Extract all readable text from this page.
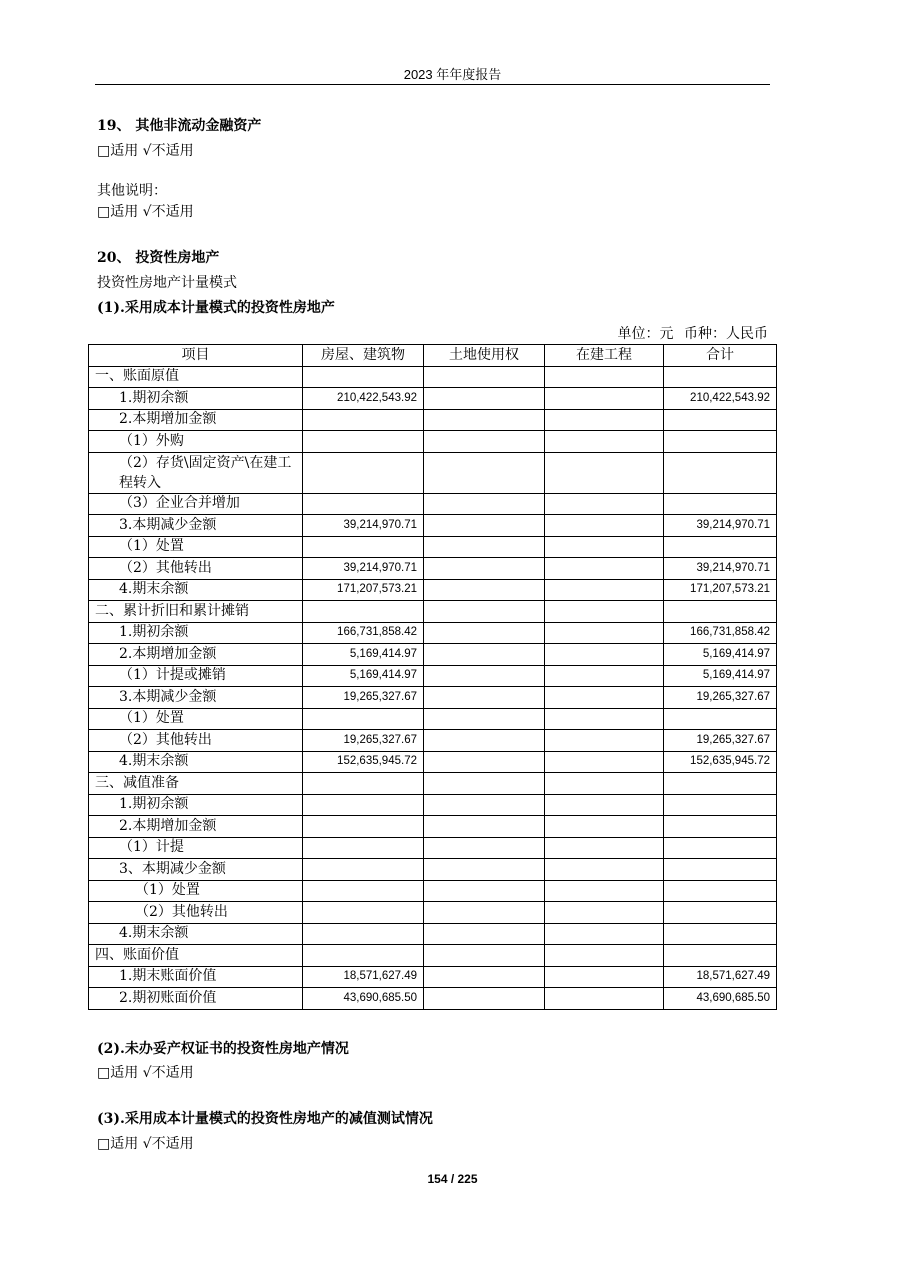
2023 年年度报告
19、 其他非流动金融资产
□适用 √不适用
其他说明：
□适用 √不适用
20、 投资性房地产
投资性房地产计量模式
(1).采用成本计量模式的投资性房地产
单位：元 币种：人民币
项目	房屋、建筑物	土地使用权	在建工程	合计
一、账面原值				
1.期初余额	210,422,543.92			210,422,543.92
2.本期增加金额				
（1）外购				
（2）存货\固定资产\在建工程转入				
（3）企业合并增加				
3.本期减少金额	39,214,970.71			39,214,970.71
（1）处置				
（2）其他转出	39,214,970.71			39,214,970.71
4.期末余额	171,207,573.21			171,207,573.21
二、累计折旧和累计摊销				
1.期初余额	166,731,858.42			166,731,858.42
2.本期增加金额	5,169,414.97			5,169,414.97
（1）计提或摊销	5,169,414.97			5,169,414.97
3.本期减少金额	19,265,327.67			19,265,327.67
（1）处置				
（2）其他转出	19,265,327.67			19,265,327.67
4.期末余额	152,635,945.72			152,635,945.72
三、减值准备				
1.期初余额				
2.本期增加金额				
（1）计提				
3、本期减少金额				
（1）处置				
（2）其他转出				
4.期末余额				
四、账面价值				
1.期末账面价值	18,571,627.49			18,571,627.49
2.期初账面价值	43,690,685.50			43,690,685.50
(2).未办妥产权证书的投资性房地产情况
□适用 √不适用
(3).采用成本计量模式的投资性房地产的减值测试情况
□适用 √不适用
154 / 225
